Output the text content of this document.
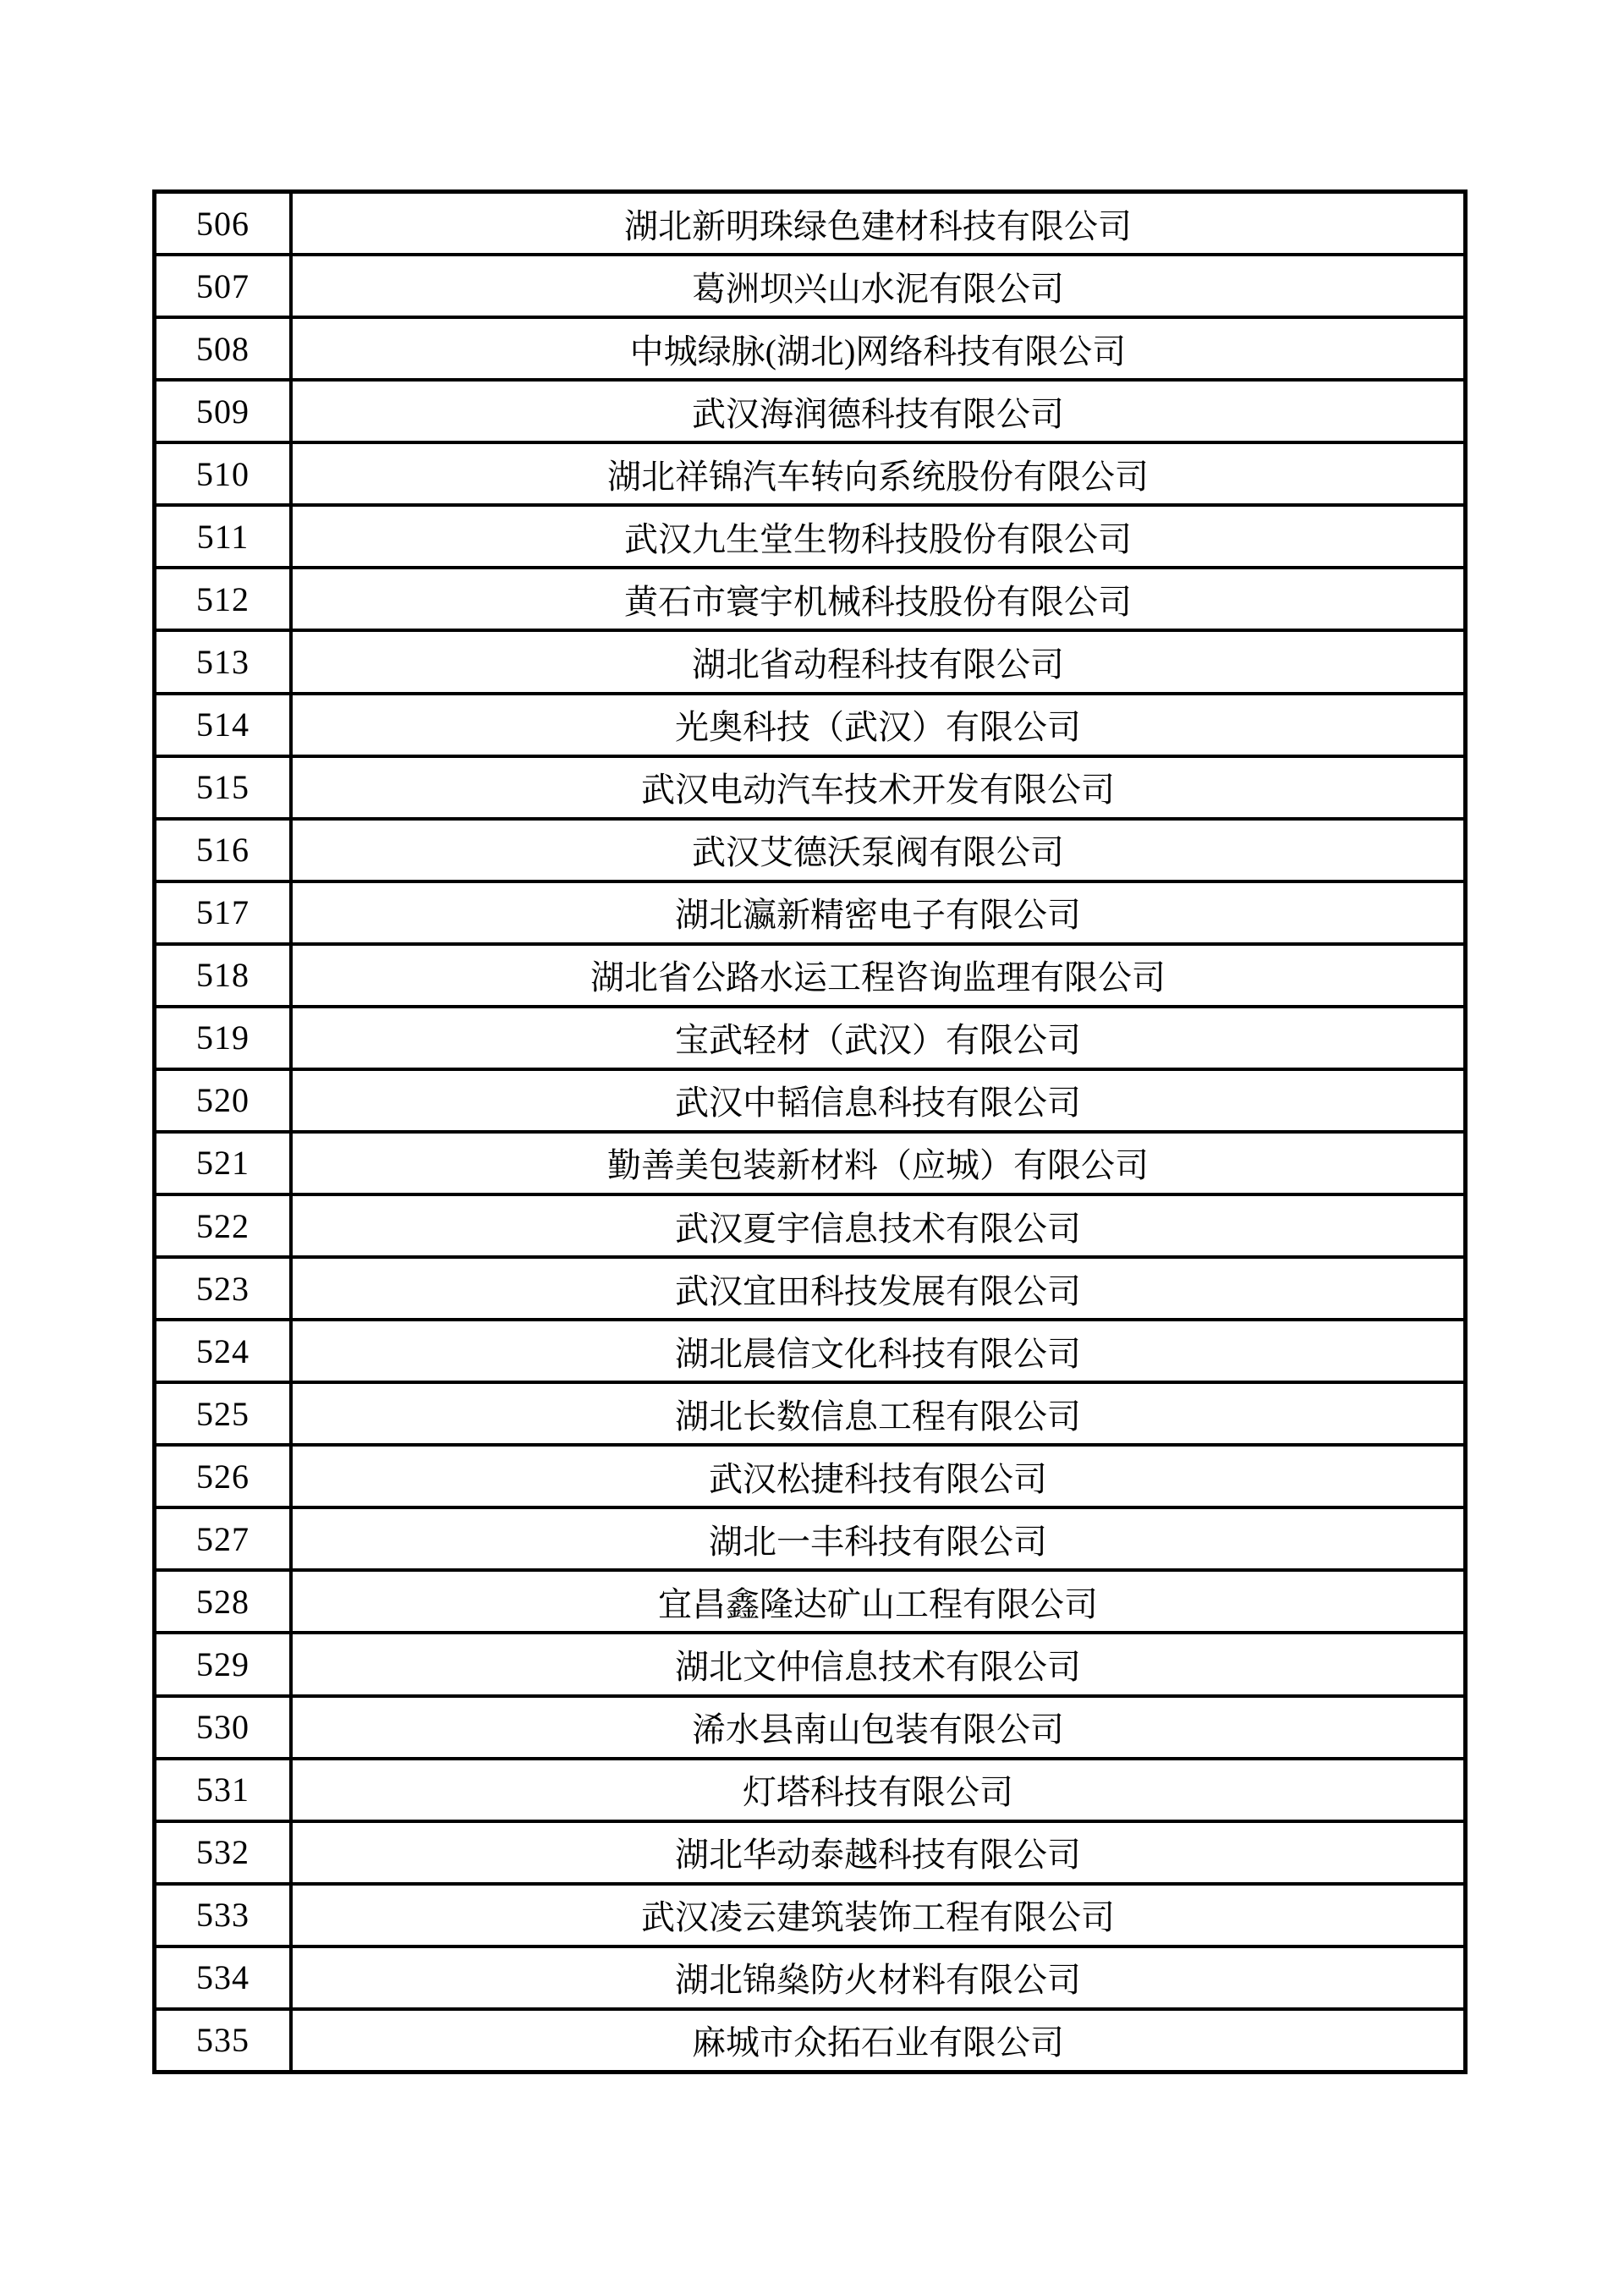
506	湖北新明珠绿色建材科技有限公司
507	葛洲坝兴山水泥有限公司
508	中城绿脉(湖北)网络科技有限公司
509	武汉海润德科技有限公司
510	湖北祥锦汽车转向系统股份有限公司
511	武汉九生堂生物科技股份有限公司
512	黄石市寰宇机械科技股份有限公司
513	湖北省动程科技有限公司
514	光奥科技（武汉）有限公司
515	武汉电动汽车技术开发有限公司
516	武汉艾德沃泵阀有限公司
517	湖北瀛新精密电子有限公司
518	湖北省公路水运工程咨询监理有限公司
519	宝武轻材（武汉）有限公司
520	武汉中韬信息科技有限公司
521	勤善美包装新材料（应城）有限公司
522	武汉夏宇信息技术有限公司
523	武汉宜田科技发展有限公司
524	湖北晨信文化科技有限公司
525	湖北长数信息工程有限公司
526	武汉松捷科技有限公司
527	湖北一丰科技有限公司
528	宜昌鑫隆达矿山工程有限公司
529	湖北文仲信息技术有限公司
530	浠水县南山包装有限公司
531	灯塔科技有限公司
532	湖北华动泰越科技有限公司
533	武汉凌云建筑装饰工程有限公司
534	湖北锦燊防火材料有限公司
535	麻城市众拓石业有限公司
